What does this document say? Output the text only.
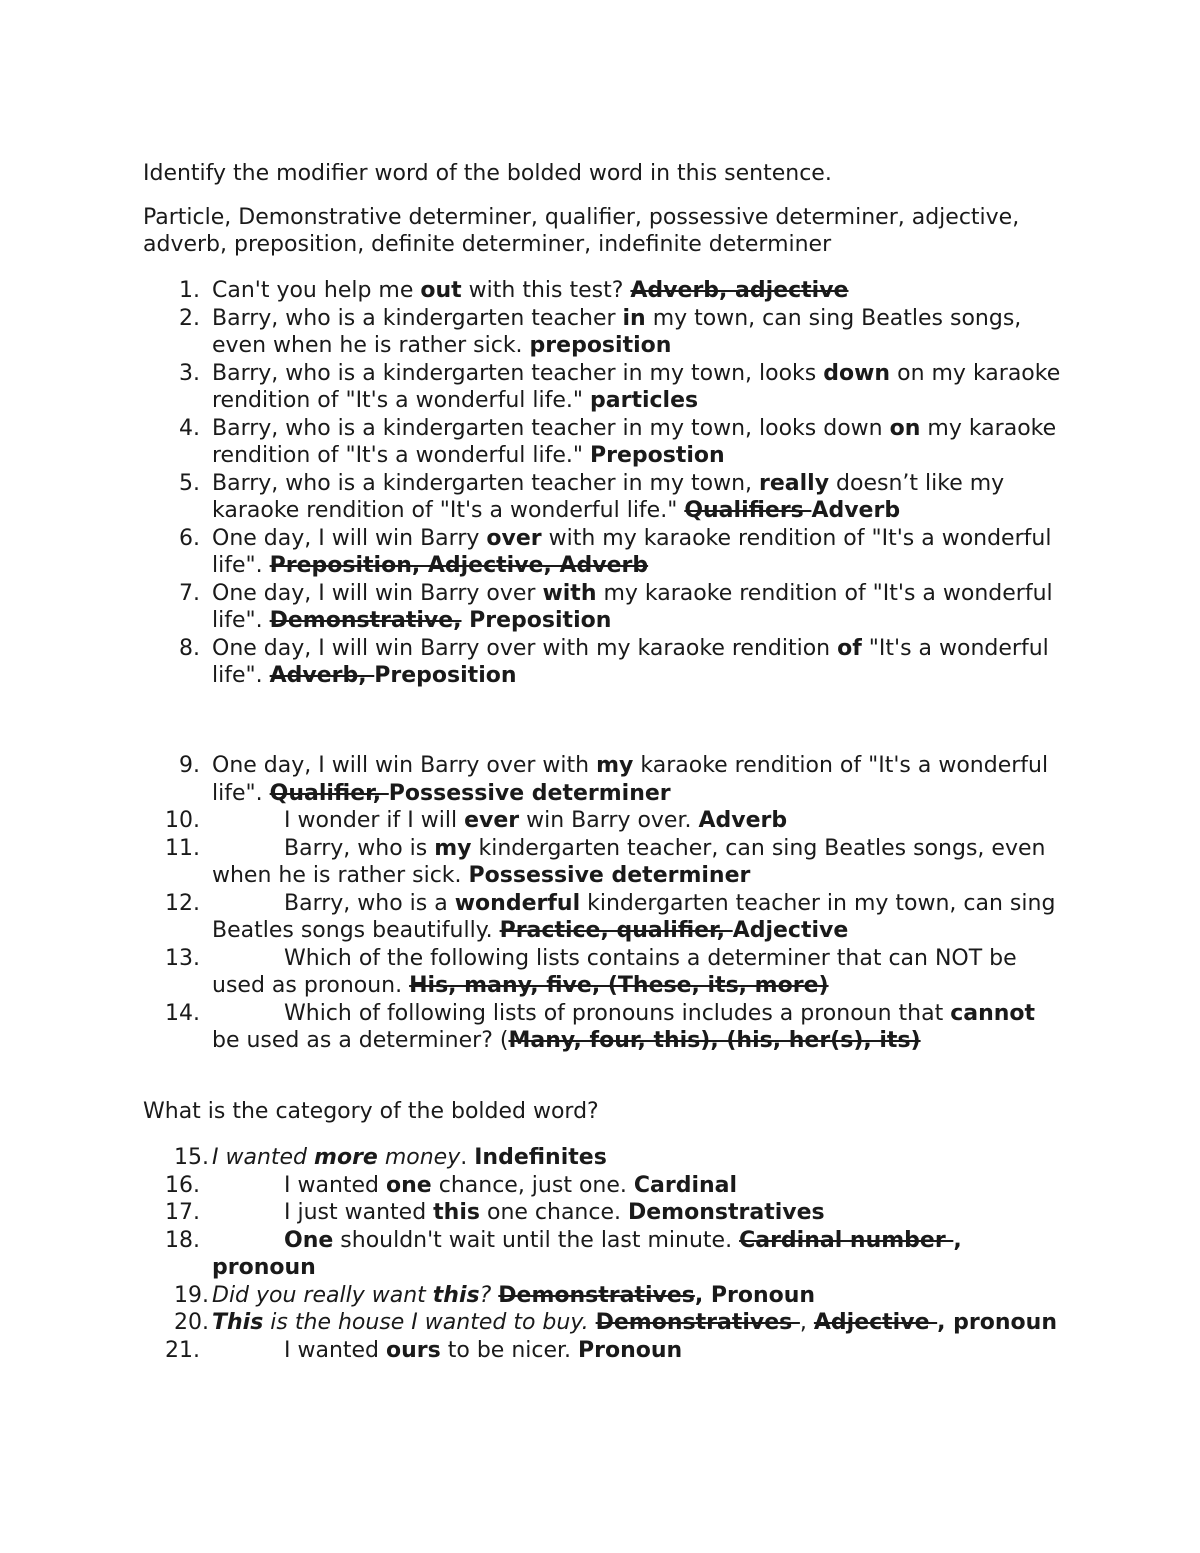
Identify the modifier word of the bolded word in this sentence.

Particle, Demonstrative determiner, qualifier, possessive determiner, adjective, adverb, preposition, definite determiner, indefinite determiner

1. Can't you help me out with this test? Adverb, adjective
2. Barry, who is a kindergarten teacher in my town, can sing Beatles songs, even when he is rather sick. preposition
3. Barry, who is a kindergarten teacher in my town, looks down on my karaoke rendition of "It's a wonderful life." particles
4. Barry, who is a kindergarten teacher in my town, looks down on my karaoke rendition of "It's a wonderful life." Prepostion
5. Barry, who is a kindergarten teacher in my town, really doesn’t like my karaoke rendition of "It's a wonderful life." Qualifiers Adverb
6. One day, I will win Barry over with my karaoke rendition of "It's a wonderful life". Preposition, Adjective, Adverb
7. One day, I will win Barry over with my karaoke rendition of "It's a wonderful life". Demonstrative, Preposition
8. One day, I will win Barry over with my karaoke rendition of "It's a wonderful life". Adverb, Preposition
9. One day, I will win Barry over with my karaoke rendition of "It's a wonderful life". Qualifier, Possessive determiner
10.	I wonder if I will ever win Barry over. Adverb
11.	Barry, who is my kindergarten teacher, can sing Beatles songs, even when he is rather sick. Possessive determiner
12.	Barry, who is a wonderful kindergarten teacher in my town, can sing Beatles songs beautifully. Practice, qualifier, Adjective
13.	Which of the following lists contains a determiner that can NOT be used as pronoun. His, many, five, (These, its, more)
14.	Which of following lists of pronouns includes a pronoun that cannot be used as a determiner? (Many, four, this), (his, her(s), its)

What is the category of the bolded word?

15. I wanted more money. Indefinites
16.	I wanted one chance, just one. Cardinal
17.	I just wanted this one chance. Demonstratives
18.	One shouldn't wait until the last minute. Cardinal number , pronoun
19. Did you really want this? Demonstratives, Pronoun
20. This is the house I wanted to buy. Demonstratives , Adjective , pronoun
21.	I wanted ours to be nicer. Pronoun
